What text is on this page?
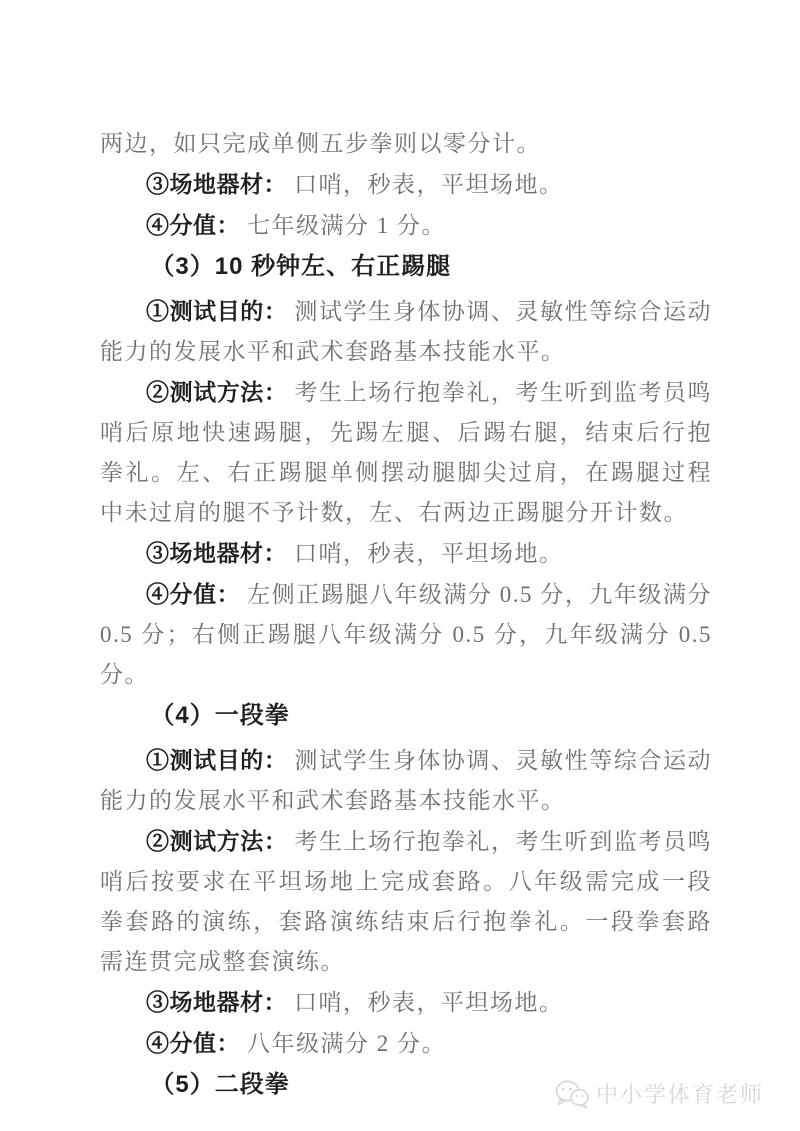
两边，如只完成单侧五步拳则以零分计。

③场地器材： 口哨，秒表，平坦场地。

④分值： 七年级满分 1 分。

（3）10 秒钟左、右正踢腿

①测试目的： 测试学生身体协调、灵敏性等综合运动能力的发展水平和武术套路基本技能水平。

②测试方法： 考生上场行抱拳礼，考生听到监考员鸣哨后原地快速踢腿，先踢左腿、后踢右腿，结束后行抱拳礼。左、右正踢腿单侧摆动腿脚尖过肩，在踢腿过程中未过肩的腿不予计数，左、右两边正踢腿分开计数。

③场地器材： 口哨，秒表，平坦场地。

④分值： 左侧正踢腿八年级满分 0.5 分，九年级满分 0.5 分；右侧正踢腿八年级满分 0.5 分，九年级满分 0.5 分。

（4）一段拳

①测试目的： 测试学生身体协调、灵敏性等综合运动能力的发展水平和武术套路基本技能水平。

②测试方法： 考生上场行抱拳礼，考生听到监考员鸣哨后按要求在平坦场地上完成套路。八年级需完成一段拳套路的演练，套路演练结束后行抱拳礼。一段拳套路需连贯完成整套演练。

③场地器材： 口哨，秒表，平坦场地。

④分值： 八年级满分 2 分。

（5）二段拳	中小学体育老师
